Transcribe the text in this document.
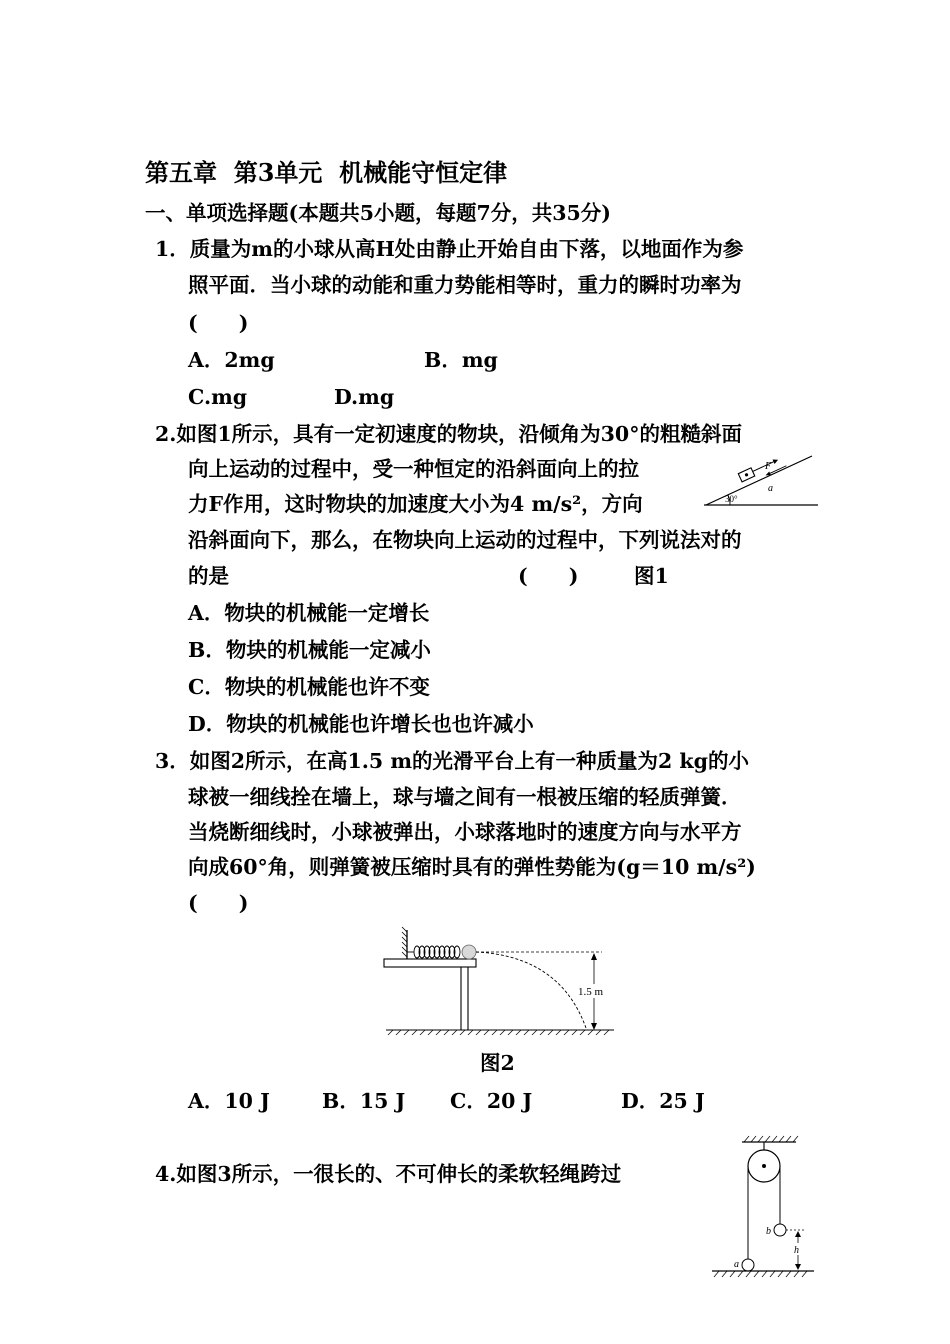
第五章  第3单元  机械能守恒定律
一、单项选择题(本题共5小题，每题7分，共35分)
1．质量为m的小球从高H处由静止开始自由下落，以地面作为参
照平面．当小球的动能和重力势能相等时，重力的瞬时功率为
(　　)
A．2mg	B．mg
C.mg	D.mg
2.如图1所示，具有一定初速度的物块，沿倾角为30°的粗糙斜面
向上运动的过程中，受一种恒定的沿斜面向上的拉
力F作用，这时物块的加速度大小为4 m/s²，方向
沿斜面向下，那么，在物块向上运动的过程中，下列说法对的
的是	(　　)	图1
F
a
30°
A．物块的机械能一定增长
B．物块的机械能一定减小
C．物块的机械能也许不变
D．物块的机械能也许增长也也许减小
3．如图2所示，在高1.5 m的光滑平台上有一种质量为2 kg的小
球被一细线拴在墙上，球与墙之间有一根被压缩的轻质弹簧．
当烧断细线时，小球被弹出，小球落地时的速度方向与水平方
向成60°角，则弹簧被压缩时具有的弹性势能为(g＝10 m/s²)
(　　)
1.5 m
图2
A．10 J	B．15 J C．20 J	D．25 J
4.如图3所示，一很长的、不可伸长的柔软轻绳跨过
b
a
h
